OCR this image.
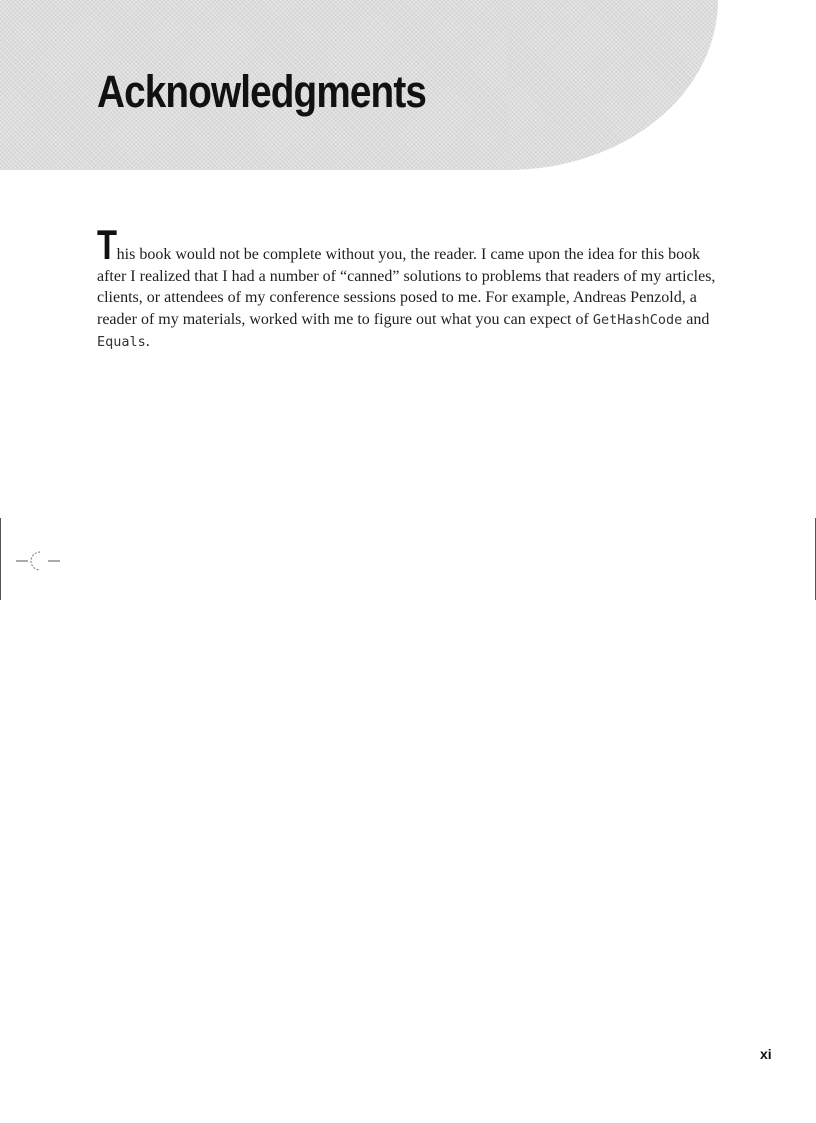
Acknowledgments

This book would not be complete without you, the reader. I came upon the idea for this book after I realized that I had a number of “canned” solutions to problems that readers of my articles, clients, or attendees of my conference sessions posed to me. For example, Andreas Penzold, a reader of my materials, worked with me to figure out what you can expect of GetHashCode and Equals.

xi
